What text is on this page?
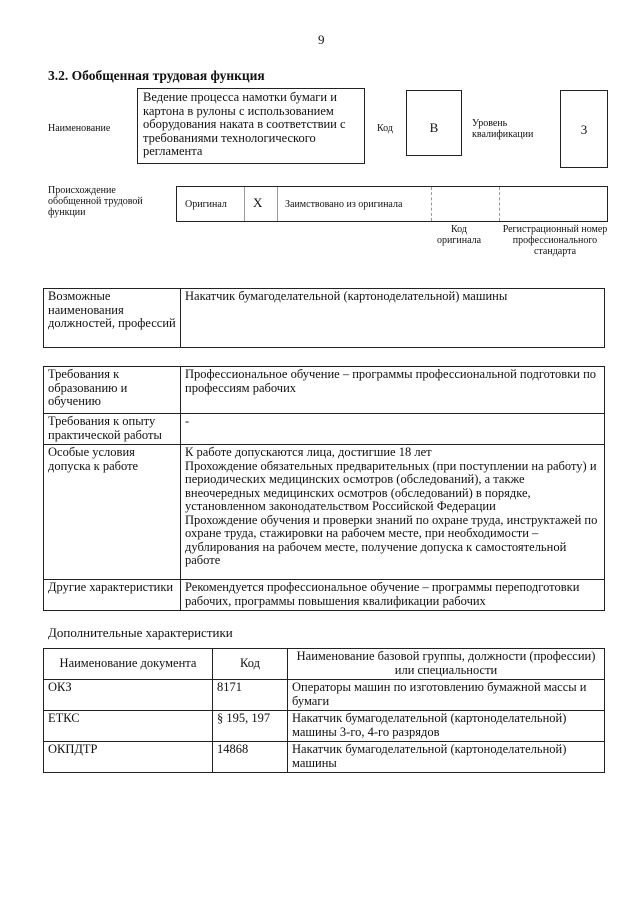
9
3.2. Обобщенная трудовая функция
Наименование
Ведение процесса намотки бумаги и картона в рулоны с использованием оборудования наката в соответствии с требованиями технологического регламента
Код	B	Уровень квалификации	3
Происхождение обобщенной трудовой функции
Оригинал X Заимствовано из оригинала
Код оригинала
Регистрационный номер профессионального стандарта
Возможные наименования должностей, профессий	Накатчик бумагоделательной (картоноделательной) машины
Требования к образованию и обучению	Профессиональное обучение – программы профессиональной подготовки по профессиям рабочих
Требования к опыту практической работы	-
Особые условия допуска к работе	К работе допускаются лица, достигшие 18 лет
Прохождение обязательных предварительных (при поступлении на работу) и периодических медицинских осмотров (обследований), а также внеочередных медицинских осмотров (обследований) в порядке, установленном законодательством Российской Федерации
Прохождение обучения и проверки знаний по охране труда, инструктажей по охране труда, стажировки на рабочем месте, при необходимости – дублирования на рабочем месте, получение допуска к самостоятельной работе
Другие характеристики	Рекомендуется профессиональное обучение – программы переподготовки рабочих, программы повышения квалификации рабочих
Дополнительные характеристики
Наименование документа	Код	Наименование базовой группы, должности (профессии) или специальности
ОКЗ	8171	Операторы машин по изготовлению бумажной массы и бумаги
ЕТКС	§ 195, 197	Накатчик бумагоделательной (картоноделательной) машины 3-го, 4-го разрядов
ОКПДТР	14868	Накатчик бумагоделательной (картоноделательной) машины
